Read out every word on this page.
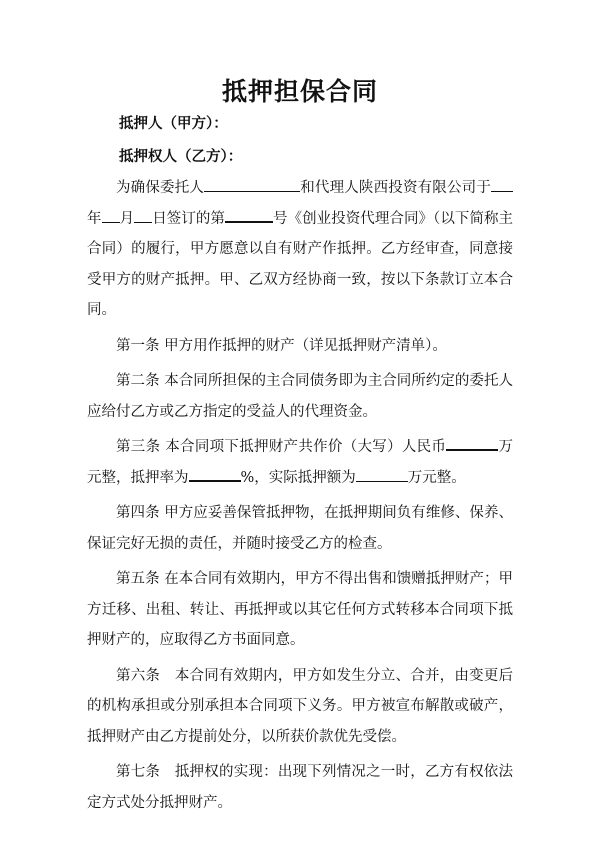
抵押担保合同
抵押人（甲方）：
抵押权人（乙方）：

为确保委托人	和代理人陕西投资有限公司于年 月 日签订的第	号《创业投资代理合同》（以下简称主合同）的履行，甲方愿意以自有财产作抵押。乙方经审查，同意接受甲方的财产抵押。甲、乙双方经协商一致，按以下条款订立本合同。

第一条 甲方用作抵押的财产（详见抵押财产清单）。

第二条 本合同所担保的主合同债务即为主合同所约定的委托人应给付乙方或乙方指定的受益人的代理资金。

第三条 本合同项下抵押财产共作价（大写）人民币	万元整，抵押率为	%，实际抵押额为	万元整。

第四条 甲方应妥善保管抵押物，在抵押期间负有维修、保养、保证完好无损的责任，并随时接受乙方的检查。

第五条 在本合同有效期内，甲方不得出售和馈赠抵押财产；甲方迁移、出租、转让、再抵押或以其它任何方式转移本合同项下抵押财产的，应取得乙方书面同意。

第六条　本合同有效期内，甲方如发生分立、合并，由变更后的机构承担或分别承担本合同项下义务。甲方被宣布解散或破产，抵押财产由乙方提前处分，以所获价款优先受偿。

第七条　抵押权的实现：出现下列情况之一时，乙方有权依法定方式处分抵押财产。
